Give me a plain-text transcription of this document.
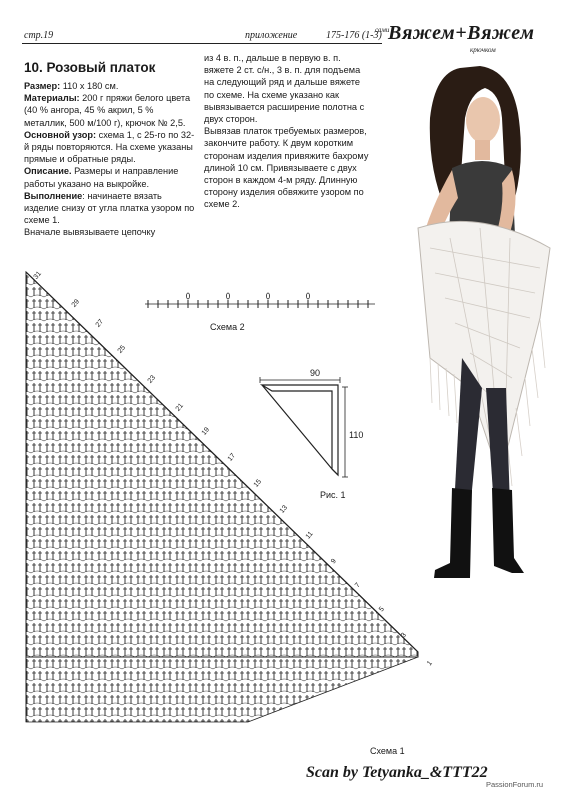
стр.19	приложение	175-176 (1-3)
сами
Вяжем+Вяжем
крючком
10. Розовый платок

Размер: 110 x 180 см.

Материалы: 200 г пряжи белого цвета (40 % ангора, 45 % акрил, 5 % металлик, 500 м/100 г), крючок № 2,5.

Основной узор: схема 1, с 25-го по 32-й ряды повторяются. На схеме указаны прямые и обратные ряды.

Описание. Размеры и направление работы указано на выкройке.

Выполнение: начинаете вязать изделие снизу от угла платка узором по схеме 1.

Вначале вывязываете цепочку

из 4 в. п., дальше в первую в. п. вяжете 2 ст. с/н., 3 в. п. для подъема на следующий ряд и дальше вяжете по схеме. На схеме указано как вывязывается расширение полотна с двух сторон.

Вывязав платок требуемых размеров, закончите работу. К двум коротким сторонам изделия привяжите бахрому длиной 10 см. Привязываете с двух сторон в каждом 4-м ряду. Длинную сторону изделия обвяжите узором по схеме 2.

Схема 2
90
110
Рис. 1
31
29
27
25
23
21
19
17
15
13
11
9
7
5
3
1
Схема 1
Scan by Tetyanka_&TTT22
PassionForum.ru
